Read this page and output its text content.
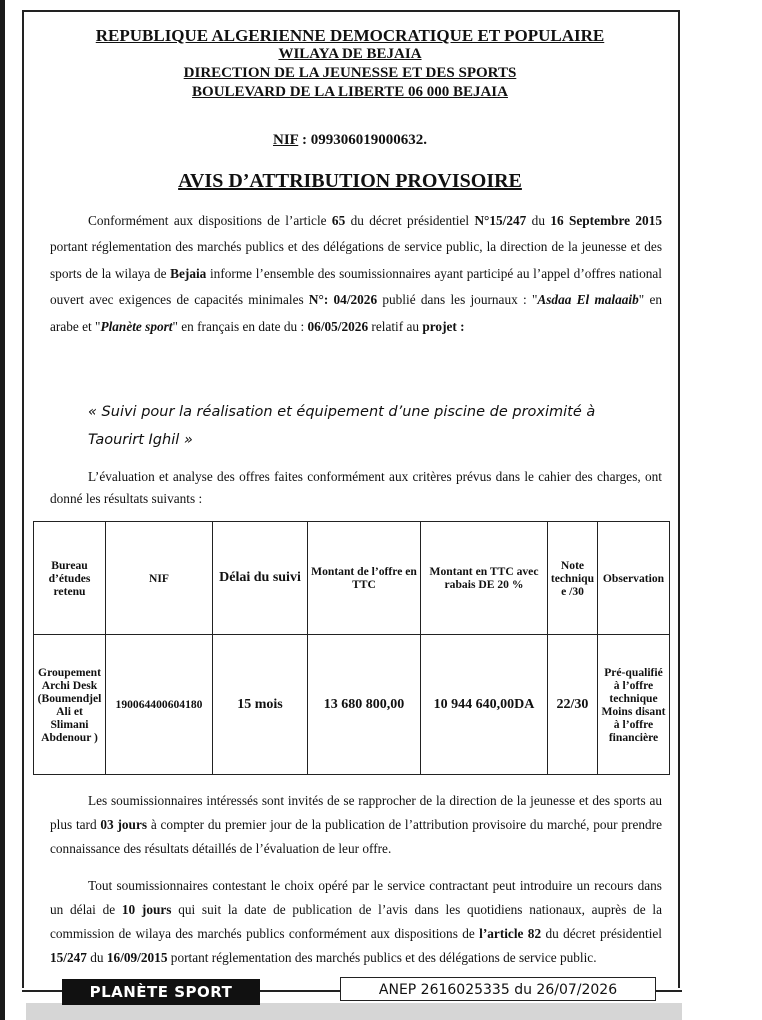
REPUBLIQUE ALGERIENNE DEMOCRATIQUE ET POPULAIRE
WILAYA DE BEJAIA
DIRECTION DE LA JEUNESSE ET DES SPORTS
BOULEVARD DE LA LIBERTE 06 000 BEJAIA
NIF : 099306019000632.
AVIS D’ATTRIBUTION PROVISOIRE
Conformément aux dispositions de l’article 65 du décret présidentiel N°15/247 du 16 Septembre 2015 portant réglementation des marchés publics et des délégations de service public, la direction de la jeunesse et des sports de la wilaya de Bejaia informe l’ensemble des soumissionnaires ayant participé au l’appel d’offres national ouvert avec exigences de capacités minimales N°: 04/2026 publié dans les journaux : "Asdaa El malaaib" en arabe et "Planète sport" en français en date du : 06/05/2026 relatif au projet :
« Suivi pour la réalisation et équipement d’une piscine de proximité à Taourirt Ighil »
L’évaluation et analyse des offres faites conformément aux critères prévus dans le cahier des charges, ont donné les résultats suivants :
Bureau d’études retenu	NIF	Délai du suivi	Montant de l’offre en TTC	Montant en TTC avec rabais DE 20 %	Note techniqu e /30	Observation
Groupement Archi Desk (Boumendjel Ali et Slimani Abdenour )	190064400604180	15 mois	13 680 800,00	10 944 640,00DA	22/30	Pré-qualifié à l’offre technique Moins disant à l’offre financière
Les soumissionnaires intéressés sont invités de se rapprocher de la direction de la jeunesse et des sports au plus tard 03 jours à compter du premier jour de la publication de l’attribution provisoire du marché, pour prendre connaissance des résultats détaillés de l’évaluation de leur offre.
Tout soumissionnaires contestant le choix opéré par le service contractant peut introduire un recours dans un délai de 10 jours qui suit la date de publication de l’avis dans les quotidiens nationaux, auprès de la commission de wilaya des marchés publics conformément aux dispositions de l’article 82 du décret présidentiel 15/247 du 16/09/2015 portant réglementation des marchés publics et des délégations de service public.
PLANÈTE SPORT	ANEP 2616025335 du 26/07/2026
